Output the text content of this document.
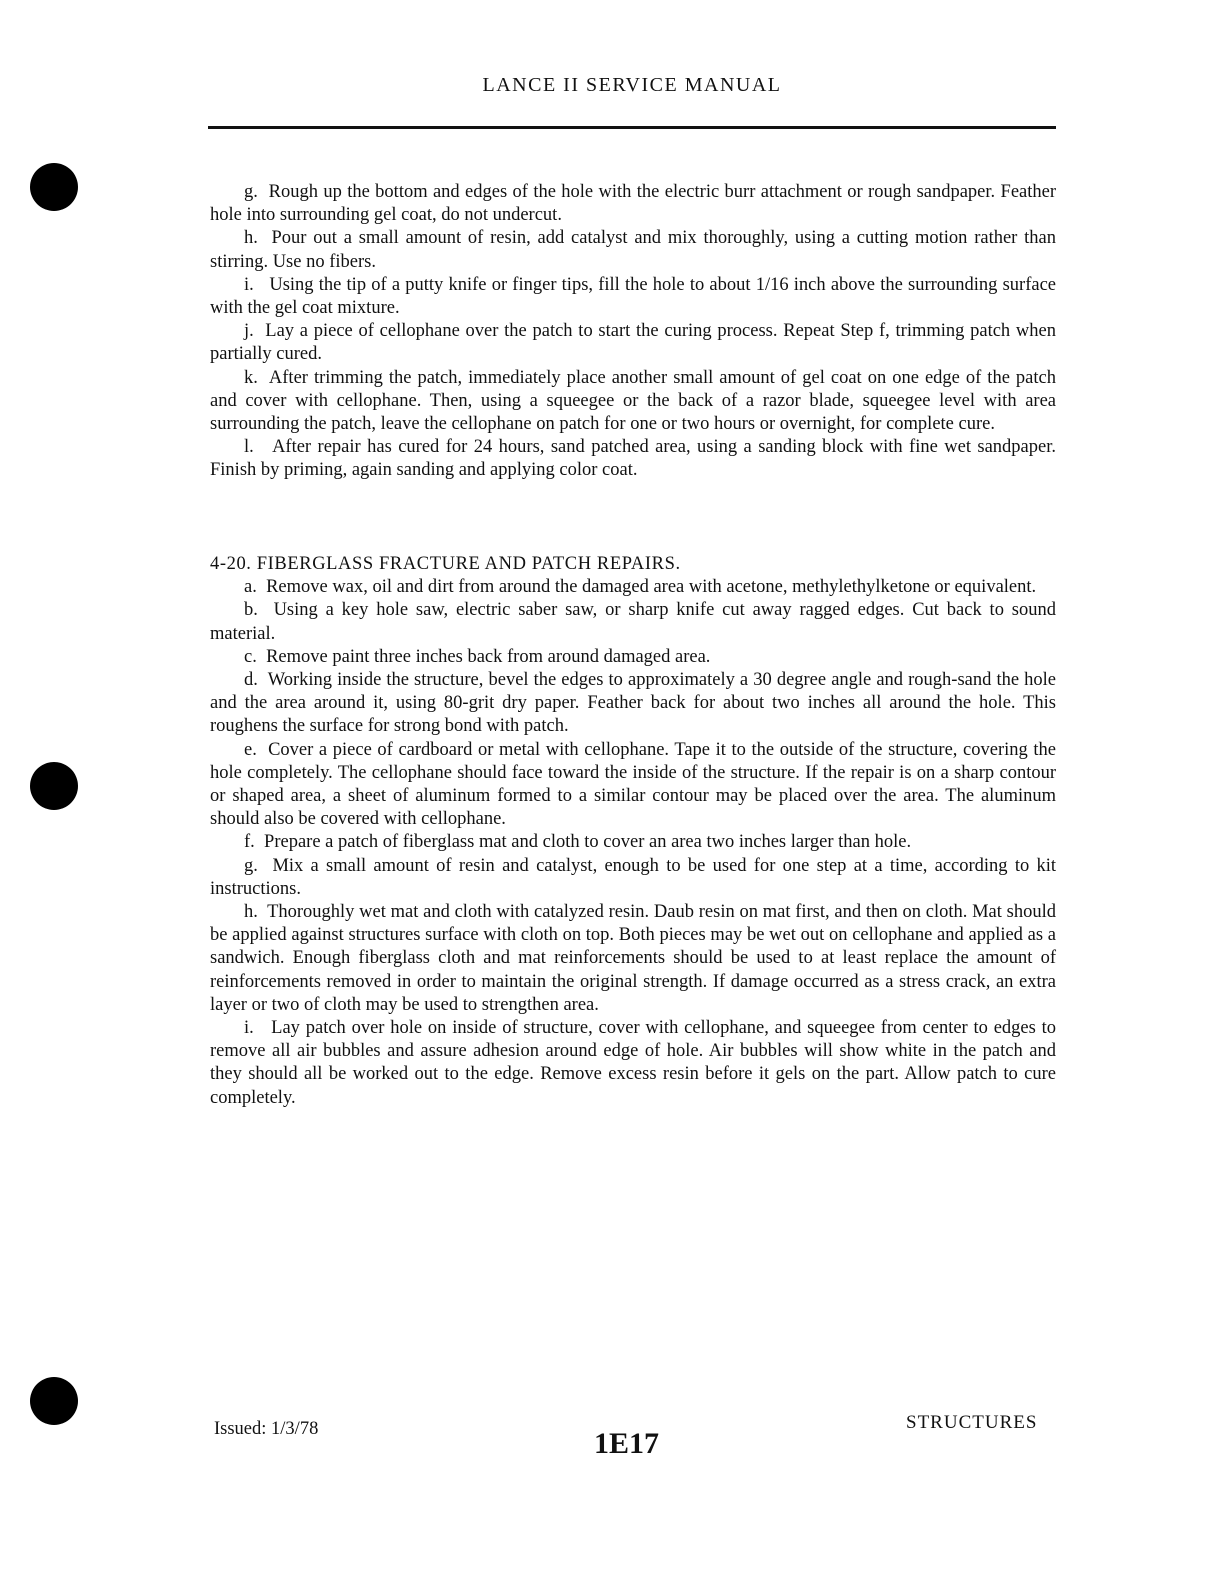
LANCE II SERVICE MANUAL

g. Rough up the bottom and edges of the hole with the electric burr attachment or rough sandpaper. Feather hole into surrounding gel coat, do not undercut.

h. Pour out a small amount of resin, add catalyst and mix thoroughly, using a cutting motion rather than stirring. Use no fibers.

i. Using the tip of a putty knife or finger tips, fill the hole to about 1/16 inch above the surrounding surface with the gel coat mixture.

j. Lay a piece of cellophane over the patch to start the curing process. Repeat Step f, trimming patch when partially cured.

k. After trimming the patch, immediately place another small amount of gel coat on one edge of the patch and cover with cellophane. Then, using a squeegee or the back of a razor blade, squeegee level with area surrounding the patch, leave the cellophane on patch for one or two hours or overnight, for complete cure.

l. After repair has cured for 24 hours, sand patched area, using a sanding block with fine wet sandpaper. Finish by priming, again sanding and applying color coat.

4-20. FIBERGLASS FRACTURE AND PATCH REPAIRS.

a. Remove wax, oil and dirt from around the damaged area with acetone, methylethylketone or equivalent.

b. Using a key hole saw, electric saber saw, or sharp knife cut away ragged edges. Cut back to sound material.

c. Remove paint three inches back from around damaged area.

d. Working inside the structure, bevel the edges to approximately a 30 degree angle and rough-sand the hole and the area around it, using 80-grit dry paper. Feather back for about two inches all around the hole. This roughens the surface for strong bond with patch.

e. Cover a piece of cardboard or metal with cellophane. Tape it to the outside of the structure, covering the hole completely. The cellophane should face toward the inside of the structure. If the repair is on a sharp contour or shaped area, a sheet of aluminum formed to a similar contour may be placed over the area. The aluminum should also be covered with cellophane.

f. Prepare a patch of fiberglass mat and cloth to cover an area two inches larger than hole.

g. Mix a small amount of resin and catalyst, enough to be used for one step at a time, according to kit instructions.

h. Thoroughly wet mat and cloth with catalyzed resin. Daub resin on mat first, and then on cloth. Mat should be applied against structures surface with cloth on top. Both pieces may be wet out on cellophane and applied as a sandwich. Enough fiberglass cloth and mat reinforcements should be used to at least replace the amount of reinforcements removed in order to maintain the original strength. If damage occurred as a stress crack, an extra layer or two of cloth may be used to strengthen area.

i. Lay patch over hole on inside of structure, cover with cellophane, and squeegee from center to edges to remove all air bubbles and assure adhesion around edge of hole. Air bubbles will show white in the patch and they should all be worked out to the edge. Remove excess resin before it gels on the part. Allow patch to cure completely.

Issued: 1/3/78	1E17
STRUCTURES
